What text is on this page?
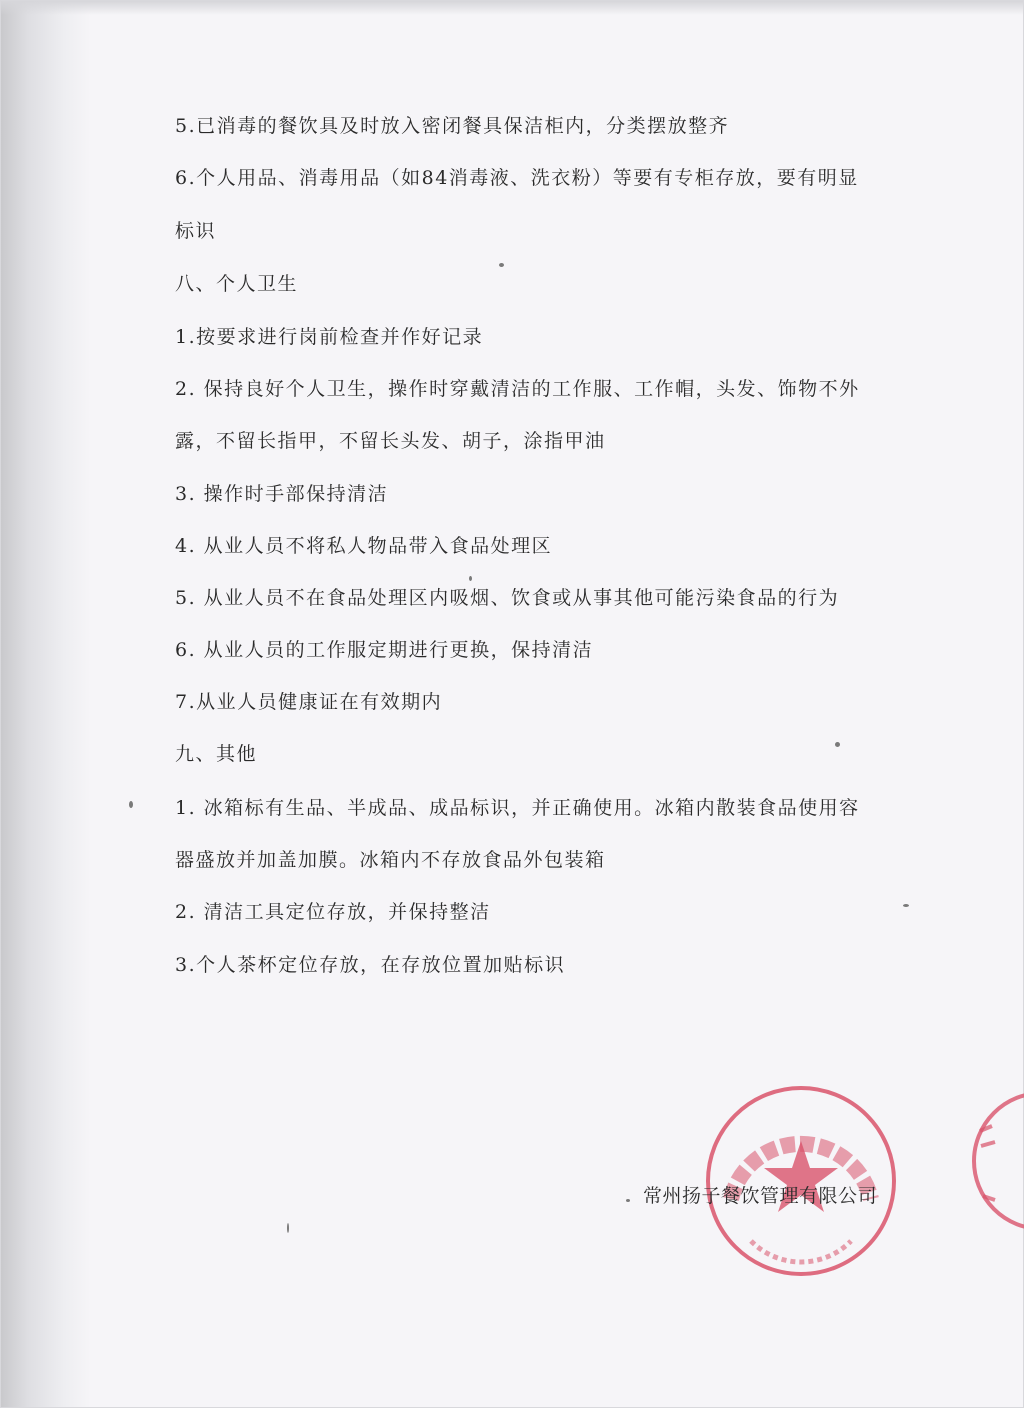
5.已消毒的餐饮具及时放入密闭餐具保洁柜内，分类摆放整齐
6.个人用品、消毒用品（如84消毒液、洗衣粉）等要有专柜存放，要有明显
标识
八、个人卫生
1.按要求进行岗前检查并作好记录
2. 保持良好个人卫生，操作时穿戴清洁的工作服、工作帽，头发、饰物不外
露，不留长指甲，不留长头发、胡子，涂指甲油
3. 操作时手部保持清洁
4. 从业人员不将私人物品带入食品处理区
5. 从业人员不在食品处理区内吸烟、饮食或从事其他可能污染食品的行为
6. 从业人员的工作服定期进行更换，保持清洁
7.从业人员健康证在有效期内
九、其他
1. 冰箱标有生品、半成品、成品标识，并正确使用。冰箱内散装食品使用容
器盛放并加盖加膜。冰箱内不存放食品外包装箱
2. 清洁工具定位存放，并保持整洁
3.个人茶杯定位存放，在存放位置加贴标识
常州扬子餐饮管理有限公司
